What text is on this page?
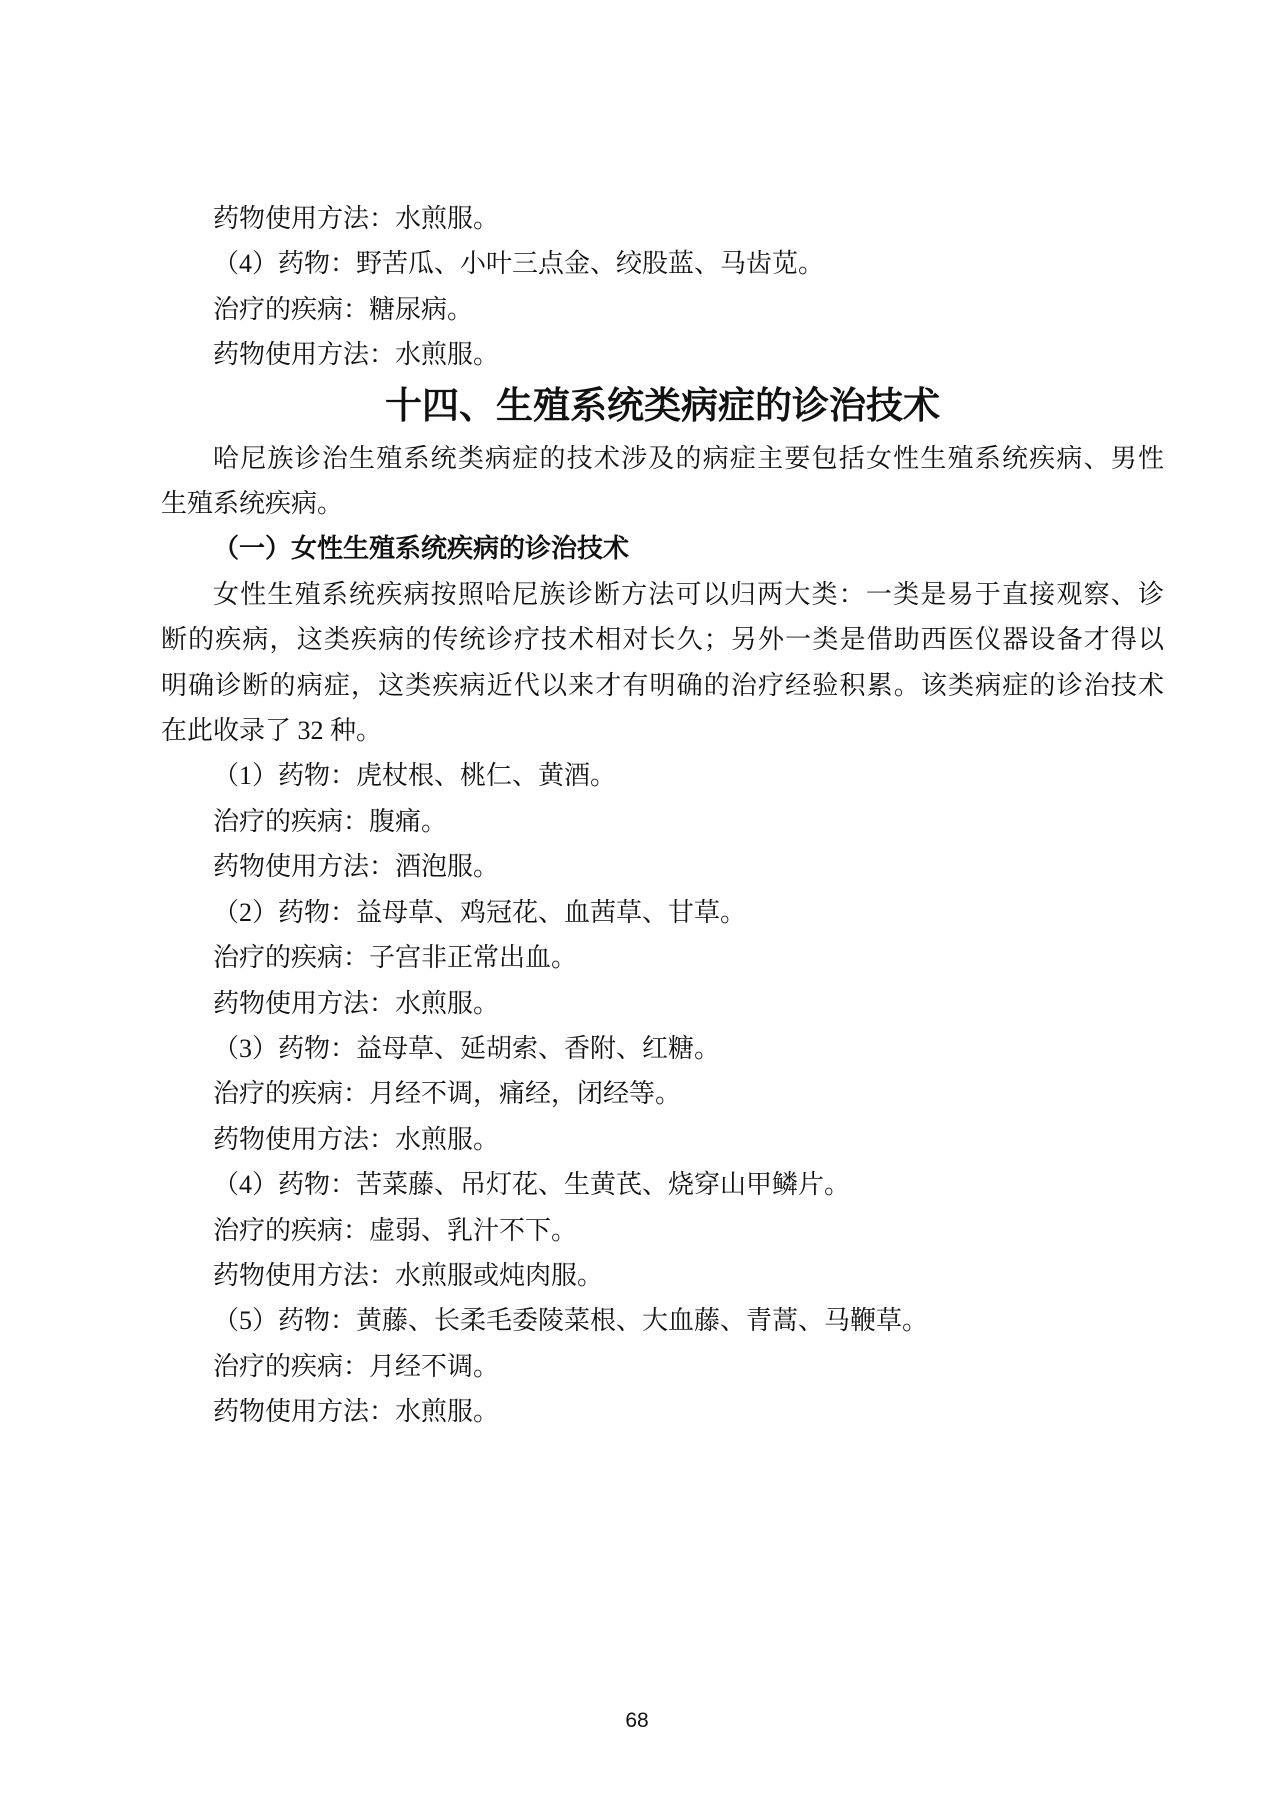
药物使用方法：水煎服。

（4）药物：野苦瓜、小叶三点金、绞股蓝、马齿苋。

治疗的疾病：糖尿病。

药物使用方法：水煎服。

十四、生殖系统类病症的诊治技术

哈尼族诊治生殖系统类病症的技术涉及的病症主要包括女性生殖系统疾病、男性

生殖系统疾病。

（一）女性生殖系统疾病的诊治技术

女性生殖系统疾病按照哈尼族诊断方法可以归两大类：一类是易于直接观察、诊

断的疾病，这类疾病的传统诊疗技术相对长久；另外一类是借助西医仪器设备才得以

明确诊断的病症，这类疾病近代以来才有明确的治疗经验积累。该类病症的诊治技术

在此收录了 32 种。

（1）药物：虎杖根、桃仁、黄酒。

治疗的疾病：腹痛。

药物使用方法：酒泡服。

（2）药物：益母草、鸡冠花、血茜草、甘草。

治疗的疾病：子宫非正常出血。

药物使用方法：水煎服。

（3）药物：益母草、延胡索、香附、红糖。

治疗的疾病：月经不调，痛经，闭经等。

药物使用方法：水煎服。

（4）药物：苦菜藤、吊灯花、生黄芪、烧穿山甲鳞片。

治疗的疾病：虚弱、乳汁不下。

药物使用方法：水煎服或炖肉服。

（5）药物：黄藤、长柔毛委陵菜根、大血藤、青蒿、马鞭草。

治疗的疾病：月经不调。

药物使用方法：水煎服。

68
